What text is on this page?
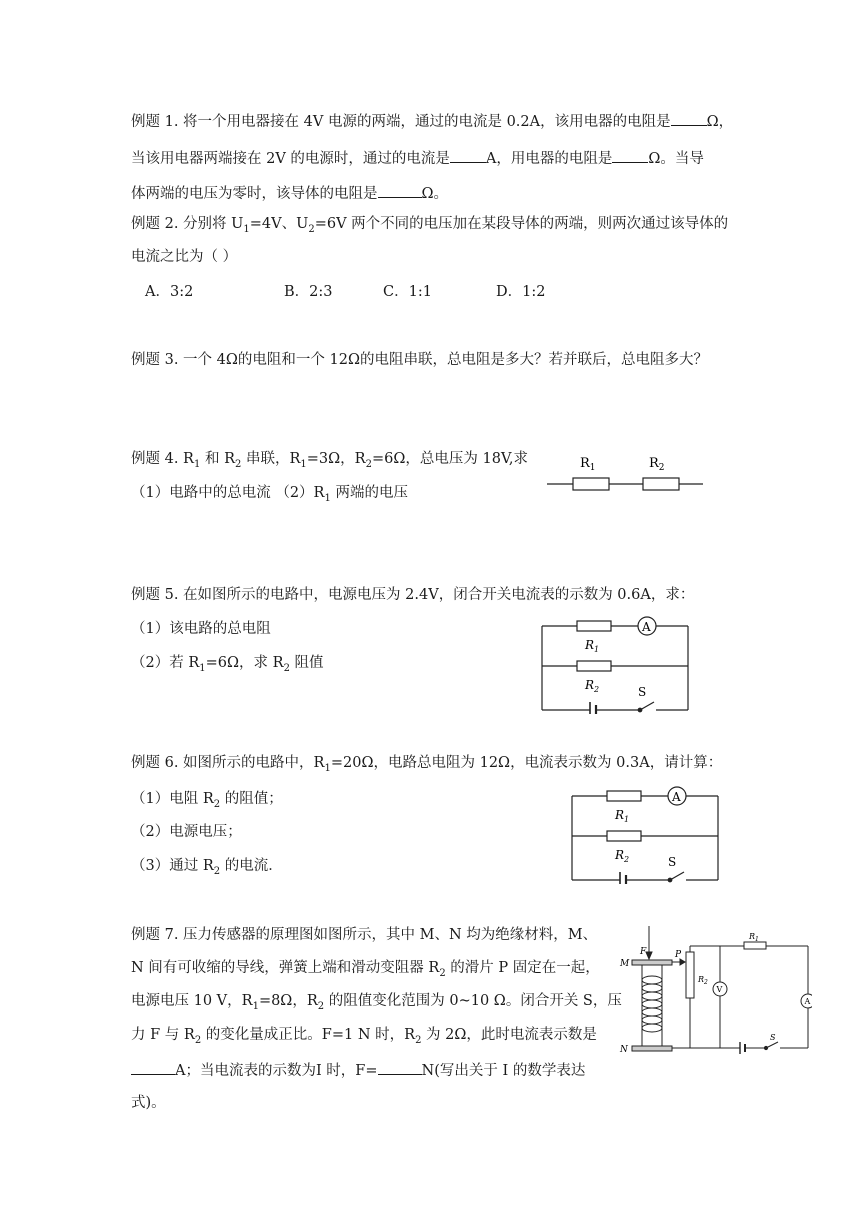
例题 1. 将一个用电器接在 4V 电源的两端，通过的电流是 0.2A，该用电器的电阻是 Ω，
当该用电器两端接在 2V 的电源时，通过的电流是 A，用电器的电阻是 Ω。当导
体两端的电压为零时，该导体的电阻是	Ω。
例题 2. 分别将 $U_1=4V$、$U_2=6V$ 两个不同的电压加在某段导体的两端，则两次通过该导体的
电流之比为（ ）
A．3:2	B．2:3	C．1:1	D．1:2
例题 3. 一个 4Ω的电阻和一个 12Ω的电阻串联，总电阻是多大？若并联后，总电阻多大？
例题 4. $R_1$ 和 $R_2$ 串联，$R_1=3\Omega$，$R_2=6\Omega$，总电压为 18V,求
（1）电路中的总电流 $(2)R_1$ 两端的电压
$R_1$	$R_2$
例题 5. 在如图所示的电路中，电源电压为 2.4V，闭合开关电流表的示数为 0.6A，求：
（1）该电路的总电阻
（2）若 $R_1=6\Omega$，求 $R_2$ 阻值
A
$R_1$
$R_2$	S
例题 6. 如图所示的电路中，$R_1=20\Omega$，电路总电阻为 12Ω，电流表示数为 0.3A，请计算：
（1）电阻 $R_2$ 的阻值；
（2）电源电压；
（3）通过 $R_2$ 的电流．
A
$R_1$
$R_2$	S
例题 7. 压力传感器的原理图如图所示，其中 M、N 均为绝缘材料，M、
N 间有可收缩的导线，弹簧上端和滑动变阻器 $R_2$ 的滑片 P 固定在一起，
电源电压 10 V，$R_1=8\Omega$，$R_2$ 的阻值变化范围为 0~10 Ω。闭合开关 S，压
力 F 与 $R_2$ 的变化量成正比。F=1 N 时，$R_2$ 为 2Ω，此时电流表示数是
A；当电流表的示数为I 时，F=	N(写出关于 I 的数学表达
式)。
F	P
M
N
$R_1$
$R_2$
V
A
S
